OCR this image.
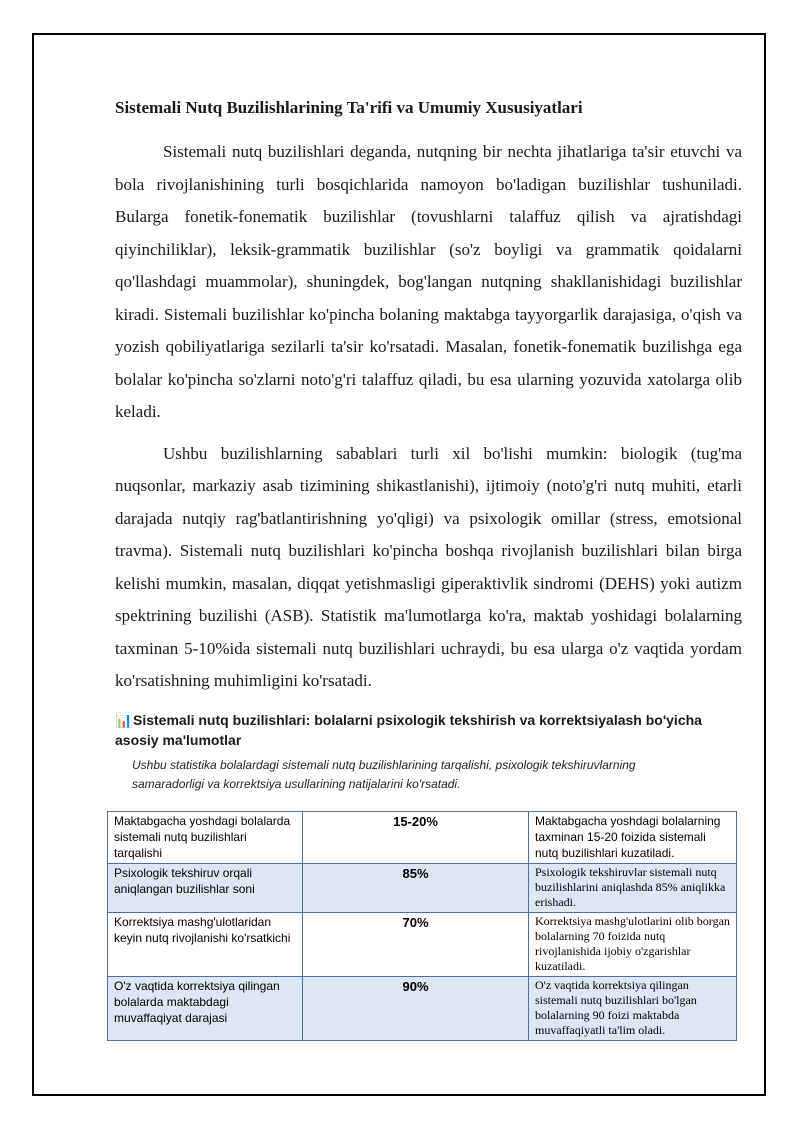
Sistemali Nutq Buzilishlarining Ta'rifi va Umumiy Xususiyatlari

Sistemali nutq buzilishlari deganda, nutqning bir nechta jihatlariga ta'sir etuvchi va bola rivojlanishining turli bosqichlarida namoyon bo'ladigan buzilishlar tushuniladi. Bularga fonetik-fonematik buzilishlar (tovushlarni talaffuz qilish va ajratishdagi qiyinchiliklar), leksik-grammatik buzilishlar (so'z boyligi va grammatik qoidalarni qo'llashdagi muammolar), shuningdek, bog'langan nutqning shakllanishidagi buzilishlar kiradi. Sistemali buzilishlar ko'pincha bolaning maktabga tayyorgarlik darajasiga, o'qish va yozish qobiliyatlariga sezilarli ta'sir ko'rsatadi. Masalan, fonetik-fonematik buzilishga ega bolalar ko'pincha so'zlarni noto'g'ri talaffuz qiladi, bu esa ularning yozuvida xatolarga olib keladi.

Ushbu buzilishlarning sabablari turli xil bo'lishi mumkin: biologik (tug'ma nuqsonlar, markaziy asab tizimining shikastlanishi), ijtimoiy (noto'g'ri nutq muhiti, etarli darajada nutqiy rag'batlantirishning yo'qligi) va psixologik omillar (stress, emotsional travma). Sistemali nutq buzilishlari ko'pincha boshqa rivojlanish buzilishlari bilan birga kelishi mumkin, masalan, diqqat yetishmasligi giperaktivlik sindromi (DEHS) yoki autizm spektrining buzilishi (ASB). Statistik ma'lumotlarga ko'ra, maktab yoshidagi bolalarning taxminan 5-10%ida sistemali nutq buzilishlari uchraydi, bu esa ularga o'z vaqtida yordam ko'rsatishning muhimligini ko'rsatadi.

📊Sistemali nutq buzilishlari: bolalarni psixologik tekshirish va korrektsiyalash bo'yicha asosiy ma'lumotlar
Ushbu statistika bolalardagi sistemali nutq buzilishlarining tarqalishi, psixologik tekshiruvlarning samaradorligi va korrektsiya usullarining natijalarini ko'rsatadi.
Maktabgacha yoshdagi bolalarda sistemali nutq buzilishlari tarqalishi	15-20%	Maktabgacha yoshdagi bolalarning taxminan 15-20 foizida sistemali nutq buzilishlari kuzatiladi.
Psixologik tekshiruv orqali aniqlangan buzilishlar soni	85%	Psixologik tekshiruvlar sistemali nutq buzilishlarini aniqlashda 85% aniqlikka erishadi.
Korrektsiya mashg'ulotlaridan keyin nutq rivojlanishi ko'rsatkichi	70%	Korrektsiya mashg'ulotlarini olib borgan bolalarning 70 foizida nutq rivojlanishida ijobiy o'zgarishlar kuzatiladi.
O'z vaqtida korrektsiya qilingan bolalarda maktabdagi muvaffaqiyat darajasi	90%	O'z vaqtida korrektsiya qilingan sistemali nutq buzilishlari bo'lgan bolalarning 90 foizi maktabda muvaffaqiyatli ta'lim oladi.
